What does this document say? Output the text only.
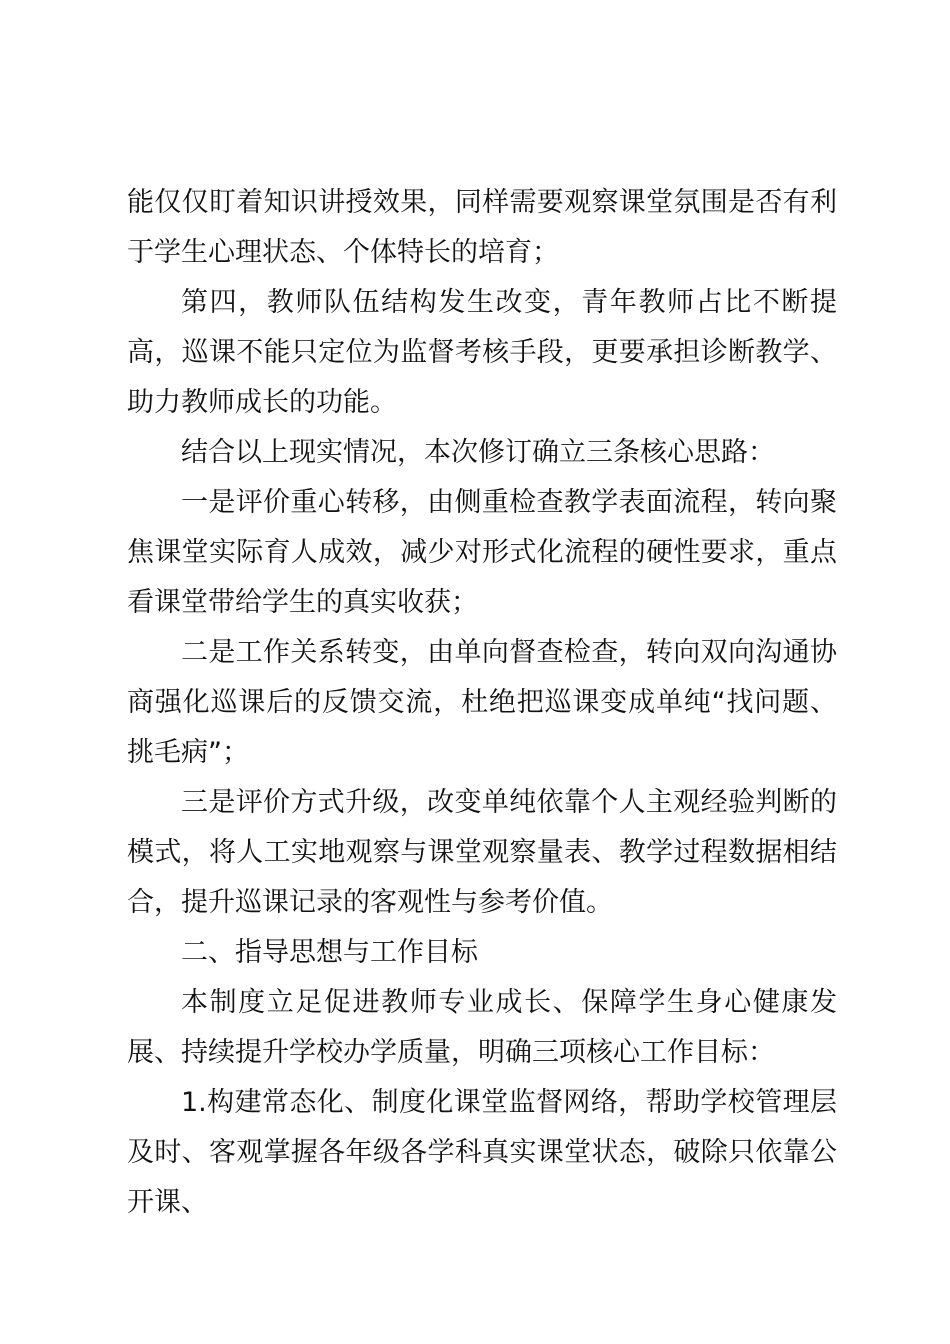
能仅仅盯着知识讲授效果，同样需要观察课堂氛围是否有利于学生心理状态、个体特长的培育；

第四，教师队伍结构发生改变，青年教师占比不断提高，巡课不能只定位为监督考核手段，更要承担诊断教学、助力教师成长的功能。

结合以上现实情况，本次修订确立三条核心思路：

一是评价重心转移，由侧重检查教学表面流程，转向聚焦课堂实际育人成效，减少对形式化流程的硬性要求，重点看课堂带给学生的真实收获；

二是工作关系转变，由单向督查检查，转向双向沟通协商强化巡课后的反馈交流，杜绝把巡课变成单纯“找问题、挑毛病”；

三是评价方式升级，改变单纯依靠个人主观经验判断的模式，将人工实地观察与课堂观察量表、教学过程数据相结合，提升巡课记录的客观性与参考价值。

二、指导思想与工作目标

本制度立足促进教师专业成长、保障学生身心健康发展、持续提升学校办学质量，明确三项核心工作目标：

1.构建常态化、制度化课堂监督网络，帮助学校管理层及时、客观掌握各年级各学科真实课堂状态，破除只依靠公开课、
